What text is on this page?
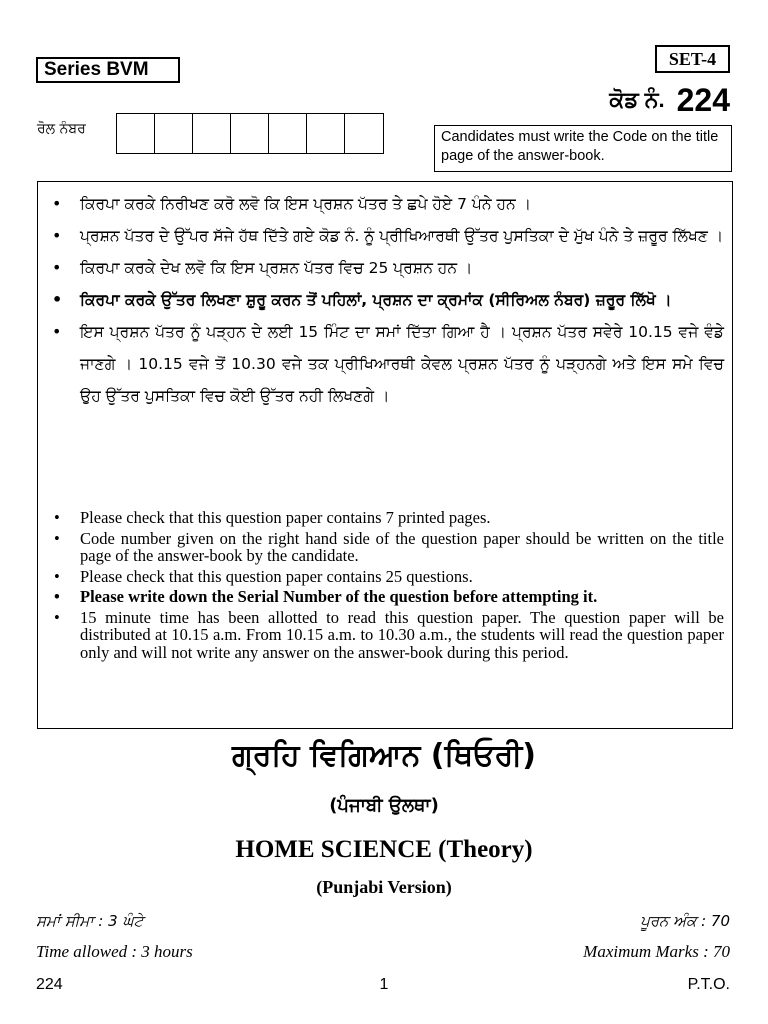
Series BVM	SET-4
ਕੋਡ ਨੰ. 224
ਰੋਲ ਨੰਬਰ	Candidates must write the Code on the title page of the answer-book.
• ਕਿਰਪਾ ਕਰਕੇ ਨਿਰੀਖਣ ਕਰੋ ਲਵੋ ਕਿ ਇਸ ਪ੍ਰਸ਼ਨ ਪੱਤਰ ਤੇ ਛਪੇ ਹੋਏ 7 ਪੰਨੇ ਹਨ ।
• ਪ੍ਰਸ਼ਨ ਪੱਤਰ ਦੇ ਉੱਪਰ ਸੱਜੇ ਹੱਥ ਦਿੱਤੇ ਗਏ ਕੋਡ ਨੰ. ਨੂੰ ਪ੍ਰੀਖਿਆਰਥੀ ਉੱਤਰ ਪੁਸਤਿਕਾ ਦੇ ਮੁੱਖ ਪੰਨੇ ਤੇ ਜ਼ਰੂਰ ਲਿੱਖਣ ।
• ਕਿਰਪਾ ਕਰਕੇ ਦੇਖ ਲਵੋ ਕਿ ਇਸ ਪ੍ਰਸ਼ਨ ਪੱਤਰ ਵਿਚ 25 ਪ੍ਰਸ਼ਨ ਹਨ ।
• ਕਿਰਪਾ ਕਰਕੇ ਉੱਤਰ ਲਿਖਣਾ ਸ਼ੁਰੂ ਕਰਨ ਤੋਂ ਪਹਿਲਾਂ, ਪ੍ਰਸ਼ਨ ਦਾ ਕ੍ਰਮਾਂਕ (ਸੀਰਿਅਲ ਨੰਬਰ) ਜ਼ਰੂਰ ਲਿੱਖੋ ।
• ਇਸ ਪ੍ਰਸ਼ਨ ਪੱਤਰ ਨੂੰ ਪੜ੍ਹਨ ਦੇ ਲਈ 15 ਮਿੰਟ ਦਾ ਸਮਾਂ ਦਿੱਤਾ ਗਿਆ ਹੈ । ਪ੍ਰਸ਼ਨ ਪੱਤਰ ਸਵੇਰੇ 10.15 ਵਜੇ ਵੰਡੇ ਜਾਣਗੇ । 10.15 ਵਜੇ ਤੋਂ 10.30 ਵਜੇ ਤਕ ਪ੍ਰੀਖਿਆਰਥੀ ਕੇਵਲ ਪ੍ਰਸ਼ਨ ਪੱਤਰ ਨੂੰ ਪੜ੍ਹਨਗੇ ਅਤੇ ਇਸ ਸਮੇ ਵਿਚ ਉਹ ਉੱਤਰ ਪੁਸਤਿਕਾ ਵਿਚ ਕੋਈ ਉੱਤਰ ਨਹੀ ਲਿਖਣਗੇ ।
• Please check that this question paper contains 7 printed pages.
• Code number given on the right hand side of the question paper should be written on the title page of the answer-book by the candidate.
• Please check that this question paper contains 25 questions.
• Please write down the Serial Number of the question before attempting it.
• 15 minute time has been allotted to read this question paper. The question paper will be distributed at 10.15 a.m. From 10.15 a.m. to 10.30 a.m., the students will read the question paper only and will not write any answer on the answer-book during this period.
ਗ੍ਰਹਿ ਵਿਗਿਆਨ (ਥਿਓਰੀ)
(ਪੰਜਾਬੀ ਉਲਥਾ)
HOME SCIENCE (Theory)
(Punjabi Version)
ਸਮਾਂ ਸੀਮਾ : 3 ਘੰਟੇ	ਪੂਰਨ ਅੰਕ : 70
Time allowed : 3 hours	Maximum Marks : 70
224	1	P.T.O.
